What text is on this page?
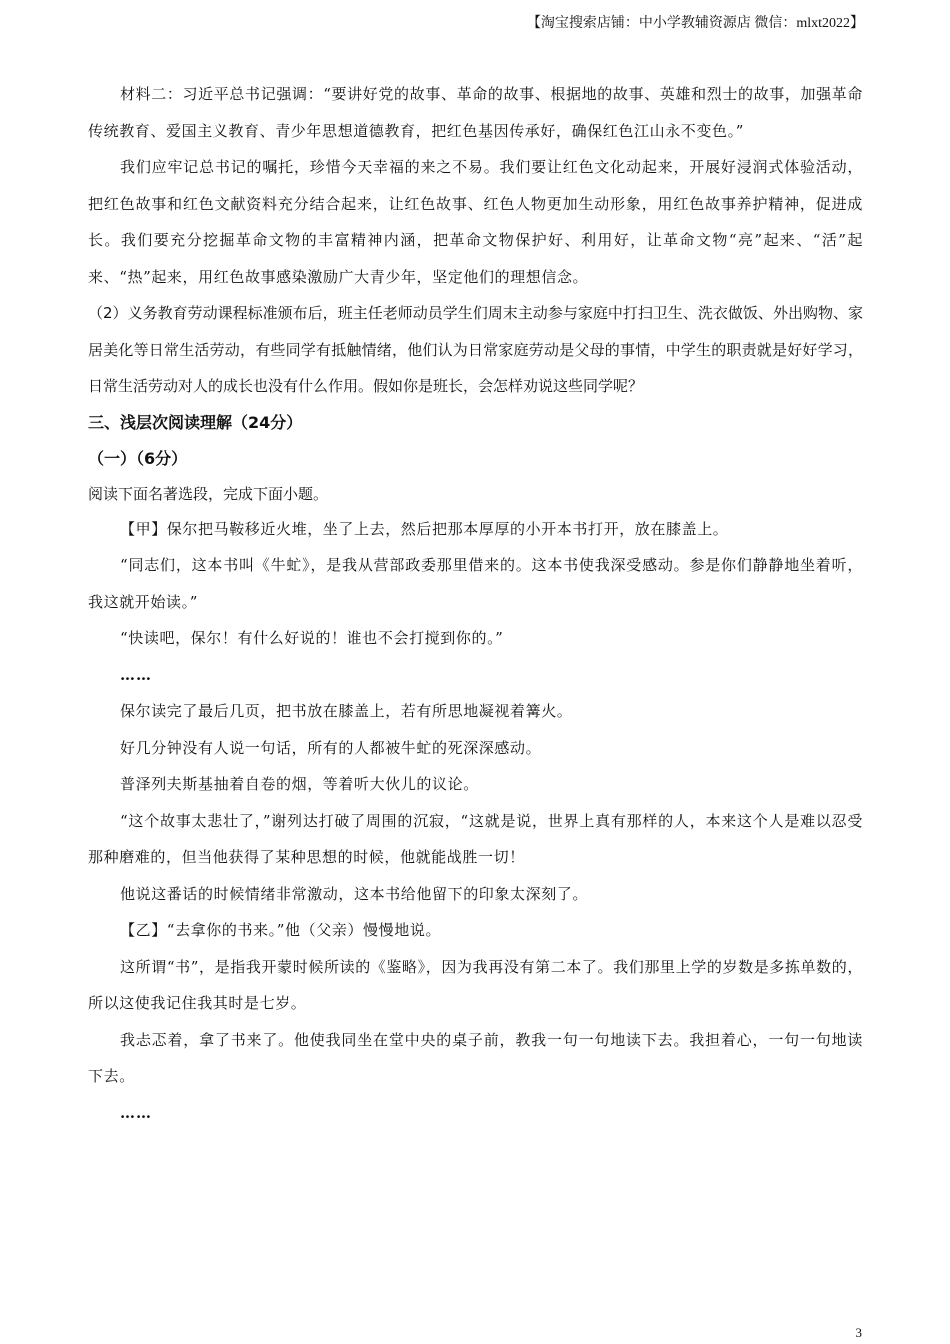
【淘宝搜索店铺：中小学教辅资源店 微信：mlxt2022】

材料二：习近平总书记强调：“要讲好党的故事、革命的故事、根据地的故事、英雄和烈士的故事，加强革命传统教育、爱国主义教育、青少年思想道德教育，把红色基因传承好，确保红色江山永不变色。”

我们应牢记总书记的嘱托，珍惜今天幸福的来之不易。我们要让红色文化动起来，开展好浸润式体验活动，把红色故事和红色文献资料充分结合起来，让红色故事、红色人物更加生动形象，用红色故事养护精神，促进成长。我们要充分挖掘革命文物的丰富精神内涵，把革命文物保护好、利用好，让革命文物“亮”起来、“活”起来、“热”起来，用红色故事感染激励广大青少年，坚定他们的理想信念。

（2）义务教育劳动课程标准颁布后，班主任老师动员学生们周末主动参与家庭中打扫卫生、洗衣做饭、外出购物、家居美化等日常生活劳动，有些同学有抵触情绪，他们认为日常家庭劳动是父母的事情，中学生的职责就是好好学习，日常生活劳动对人的成长也没有什么作用。假如你是班长，会怎样劝说这些同学呢？

三、浅层次阅读理解（24分）

（一）（6分）

阅读下面名著选段，完成下面小题。

【甲】保尔把马鞍移近火堆，坐了上去，然后把那本厚厚的小开本书打开，放在膝盖上。

“同志们，这本书叫《牛虻》，是我从营部政委那里借来的。这本书使我深受感动。参是你们静静地坐着听，我这就开始读。”

“快读吧，保尔！有什么好说的！谁也不会打搅到你的。”

……

保尔读完了最后几页，把书放在膝盖上，若有所思地凝视着篝火。

好几分钟没有人说一句话，所有的人都被牛虻的死深深感动。

普泽列夫斯基抽着自卷的烟，等着听大伙儿的议论。

“这个故事太悲壮了，”谢列达打破了周围的沉寂，“这就是说，世界上真有那样的人，本来这个人是难以忍受那种磨难的，但当他获得了某种思想的时候，他就能战胜一切！

他说这番话的时候情绪非常激动，这本书给他留下的印象太深刻了。

【乙】“去拿你的书来。”他（父亲）慢慢地说。

这所谓“书”，是指我开蒙时候所读的《鉴略》，因为我再没有第二本了。我们那里上学的岁数是多拣单数的，所以这使我记住我其时是七岁。

我忐忑着，拿了书来了。他使我同坐在堂中央的桌子前，教我一句一句地读下去。我担着心，一句一句地读下去。

……

3
